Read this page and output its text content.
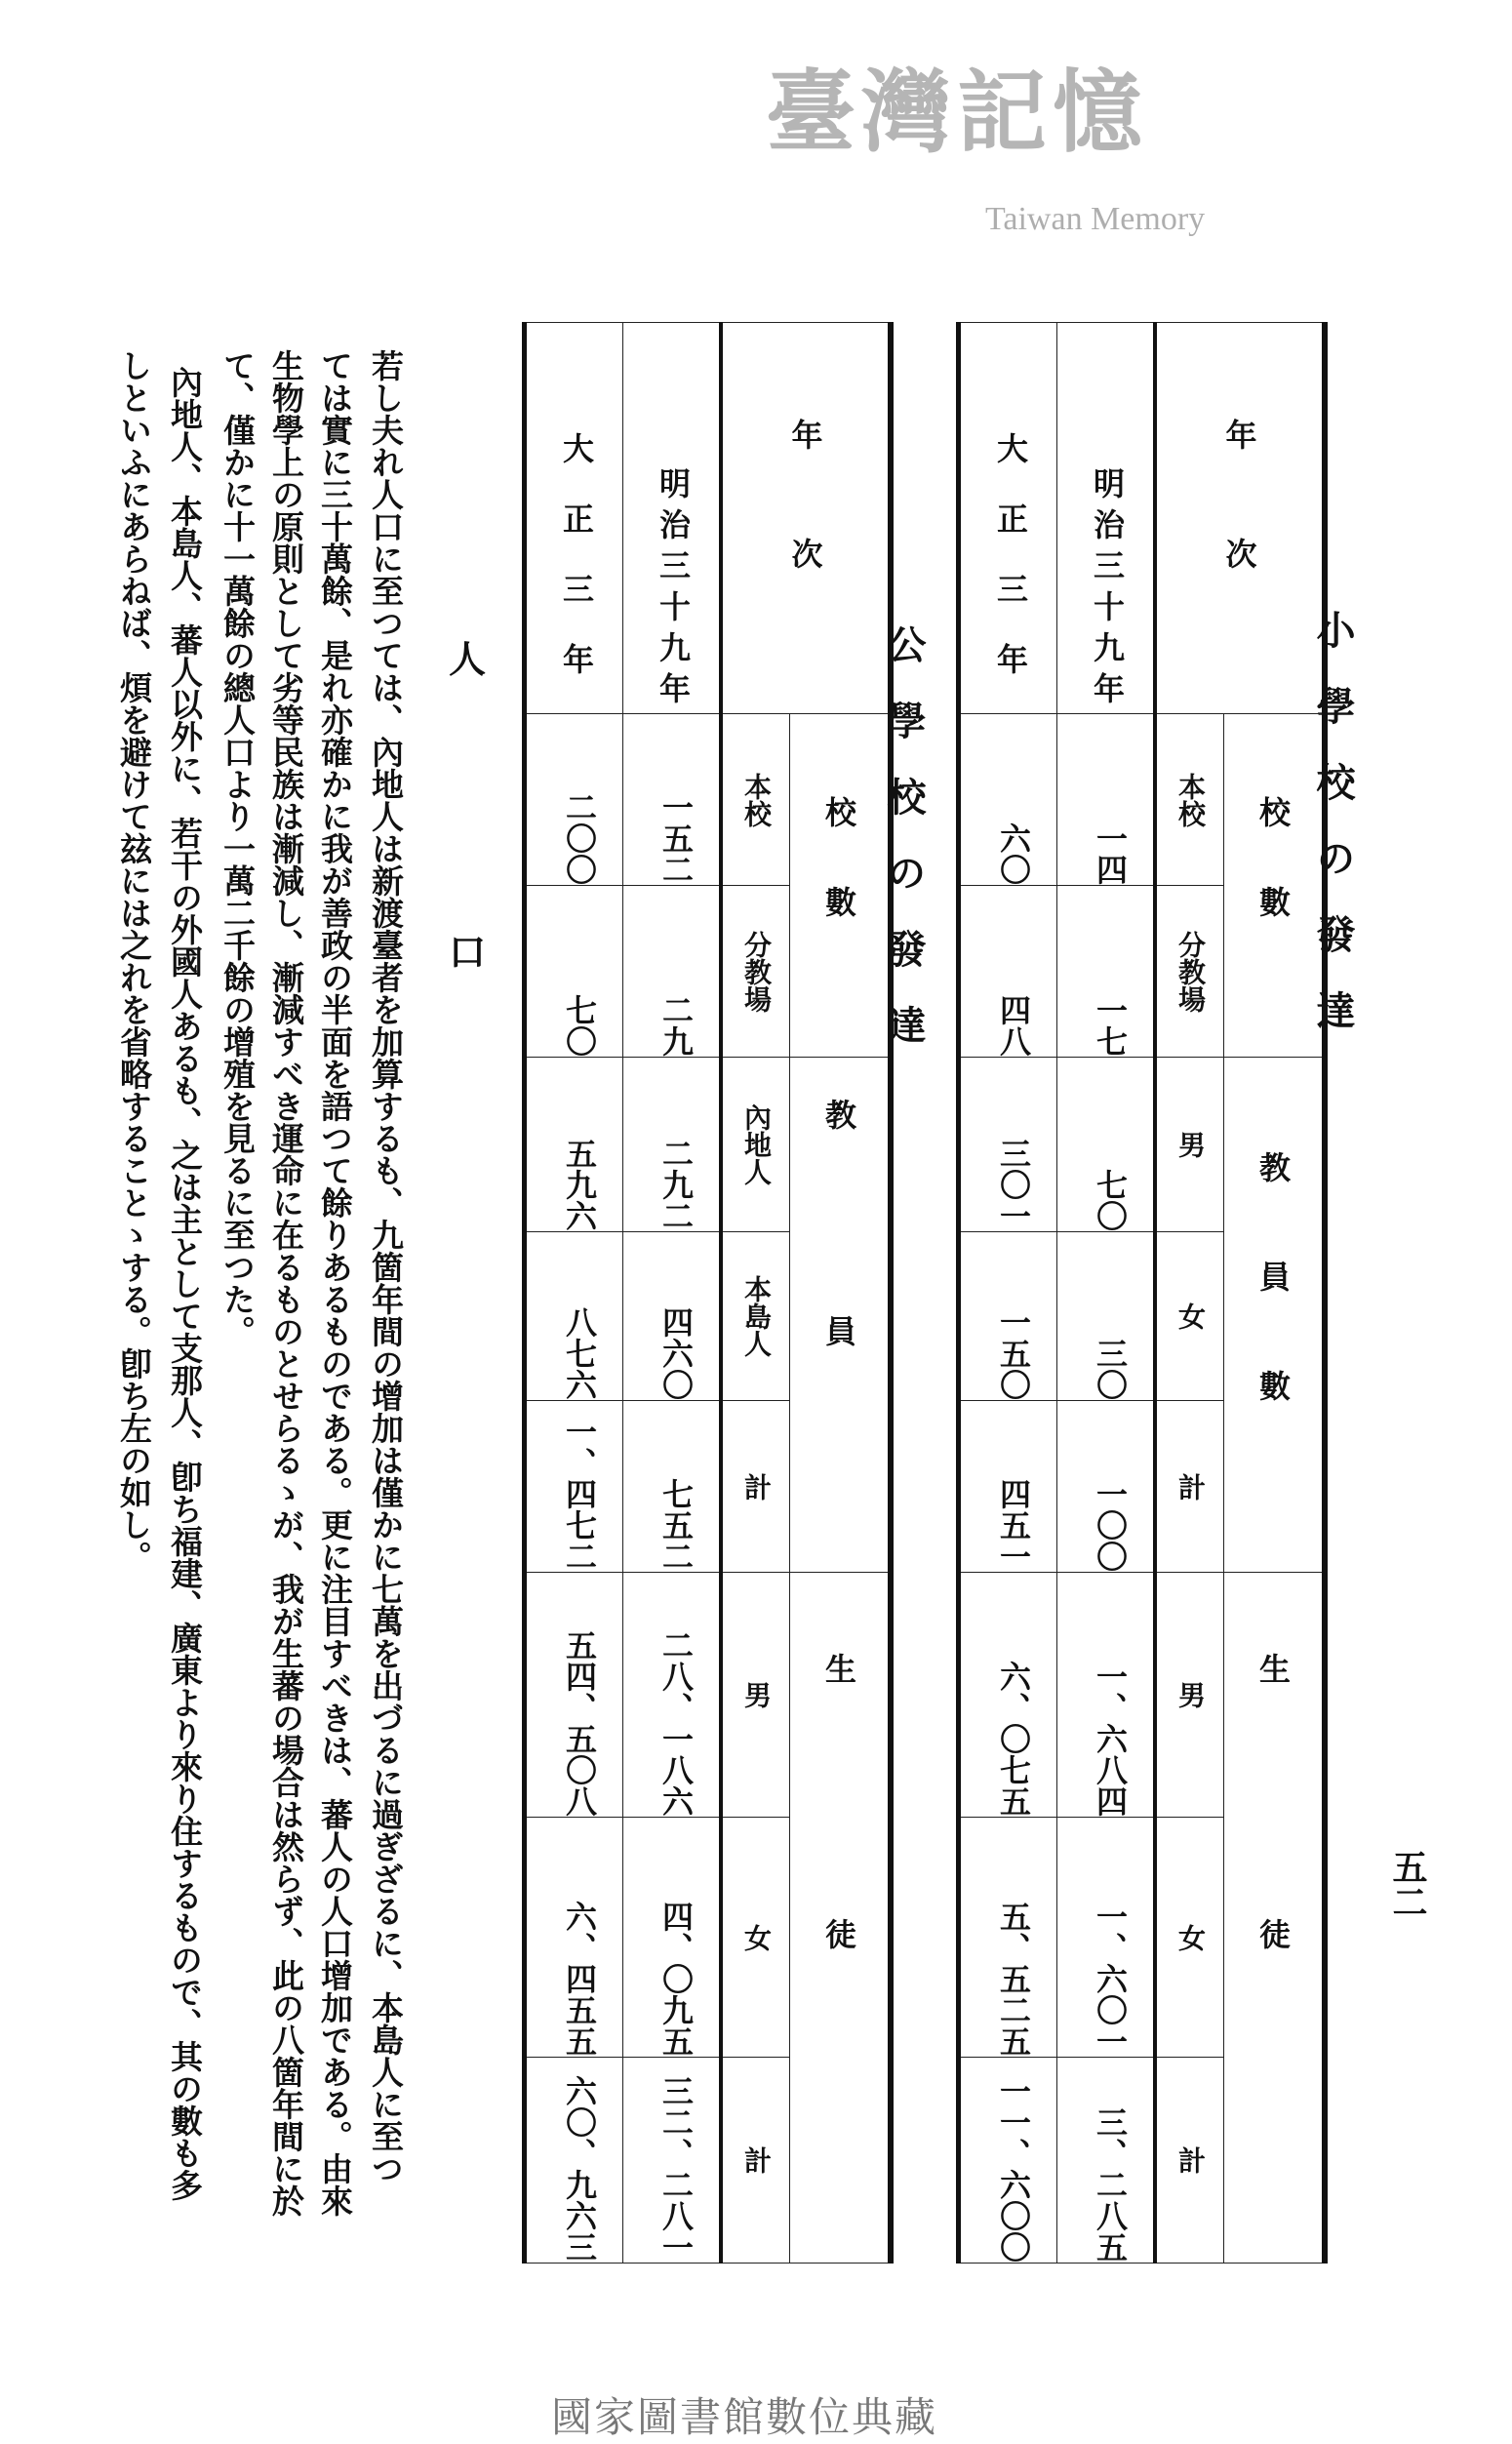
五二
小學校の發達
年次	校數	教員數	生徒
本校	分教場	男	女	計	男	女	計
明治三十九年	一四	一七	七〇	三〇	一〇〇	一、六八四	一、六〇一	三、二八五
大正三年	六〇	四八	三〇一	一五〇	四五一	六、〇七五	五、五二五	一一、六〇〇
公學校の發達
年次	校數	教員	生徒
本校	分教場	內地人	本島人	計	男	女	計
明治三十九年	一五二	二九	二九二	四六〇	七五二	二八、一八六	四、〇九五	三二、二八一
大正三年	二〇〇	七〇	五九六	八七六	一、四七二	五四、五〇八	六、四五五	六〇、九六三
人
口
若し夫れ人口に至つては、內地人は新渡臺者を加算するも、九箇年間の增加は僅かに七萬を出づるに過ぎざるに、本島人に至つ
ては實に三十萬餘、是れ亦確かに我が善政の半面を語つて餘りあるものである。更に注目すべきは、蕃人の人口增加である。由來
生物學上の原則として劣等民族は漸減し、漸減すべき運命に在るものとせらるゝが、我が生蕃の場合は然らず、此の八箇年間に於
て、僅かに十一萬餘の總人口より一萬二千餘の增殖を見るに至つた。
內地人、本島人、蕃人以外に、若干の外國人あるも、之は主として支那人、卽ち福建、廣東より來り住するもので、其の數も多
しといふにあらねば、煩を避けて玆には之れを省略することゝする。卽ち左の如し。
臺灣記憶
Taiwan Memory
國家圖書館數位典藏
